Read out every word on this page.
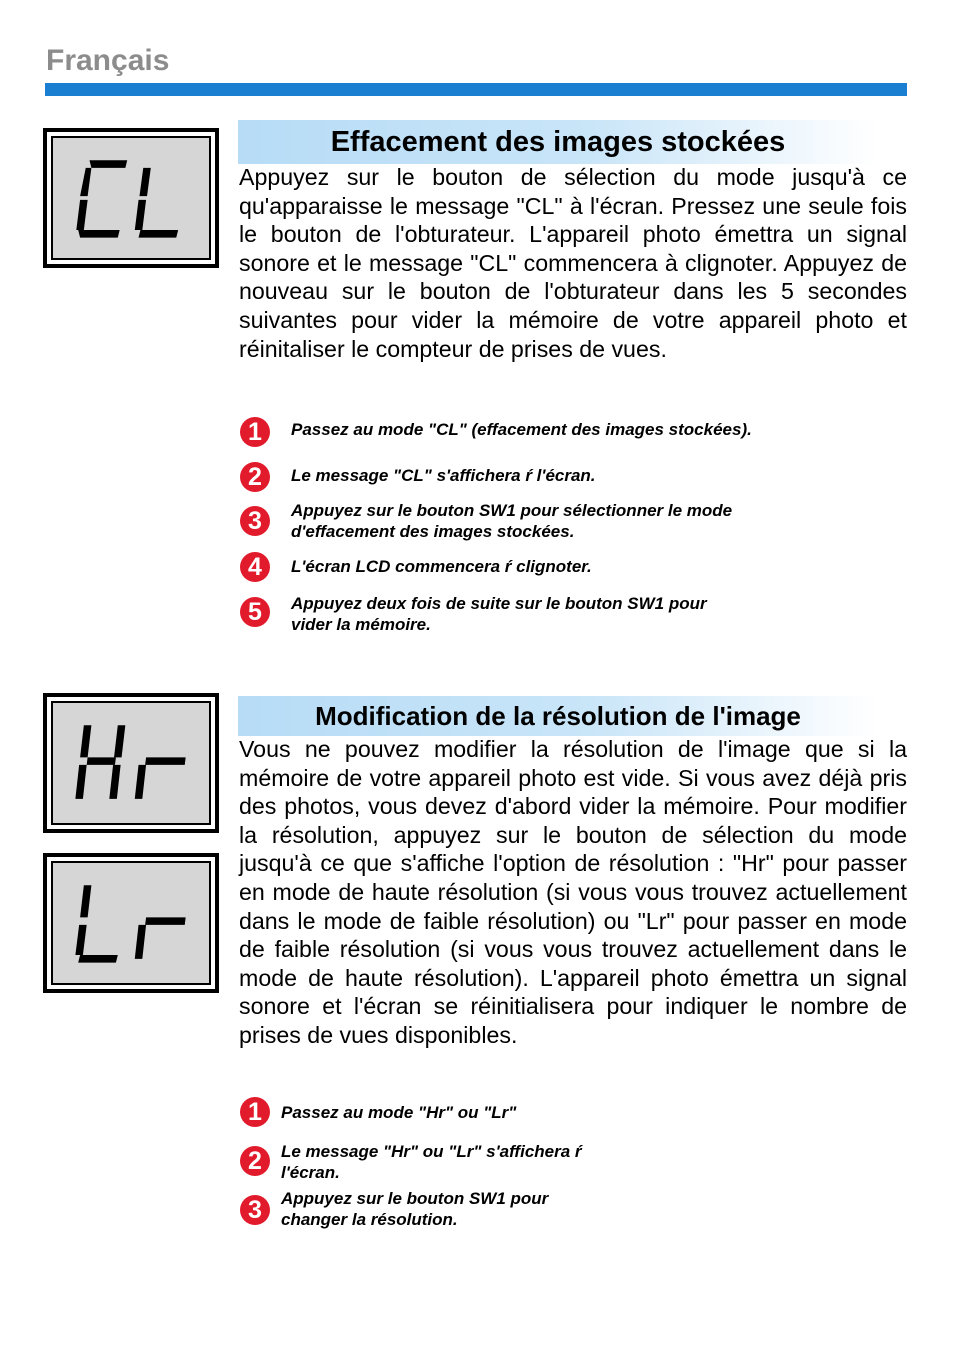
Français
Effacement des images stockées

Appuyez sur le bouton de sélection du mode jusqu'à ce qu'apparaisse le message "CL" à l'écran. Pressez une seule fois le bouton de l'obturateur. L'appareil photo émettra un signal sonore et le message "CL" commencera à clignoter. Appuyez de nouveau sur le bouton de l'obturateur dans les 5 secondes suivantes pour vider la mémoire de votre appareil photo et réinitaliser le compteur de prises de vues.

1	Passez au mode "CL" (effacement des images stockées).

2	Le message "CL" s'affichera ŕ l'écran.

3	Appuyez sur le bouton SW1 pour sélectionner le mode
d'effacement des images stockées.

4	L'écran LCD commencera ŕ clignoter.

5	Appuyez deux fois de suite sur le bouton SW1 pour
vider la mémoire.

Modification de la résolution de l'image

Vous ne pouvez modifier la résolution de l'image que si la mémoire de votre appareil photo est vide. Si vous avez déjà pris des photos, vous devez d'abord vider la mémoire. Pour modifier la résolution, appuyez sur le bouton de sélection du mode jusqu'à ce que s'affiche l'option de résolution : "Hr" pour passer en mode de haute résolution (si vous vous trouvez actuellement dans le mode de faible résolution) ou "Lr" pour passer en mode de faible résolution (si vous vous trouvez actuellement dans le mode de haute résolution). L'appareil photo émettra un signal sonore et l'écran se réinitialisera pour indiquer le nombre de prises de vues disponibles.

1	Passez au mode "Hr" ou "Lr"

2	Le message "Hr" ou "Lr" s'affichera ŕ
l'écran.

3	Appuyez sur le bouton SW1 pour
changer la résolution.
